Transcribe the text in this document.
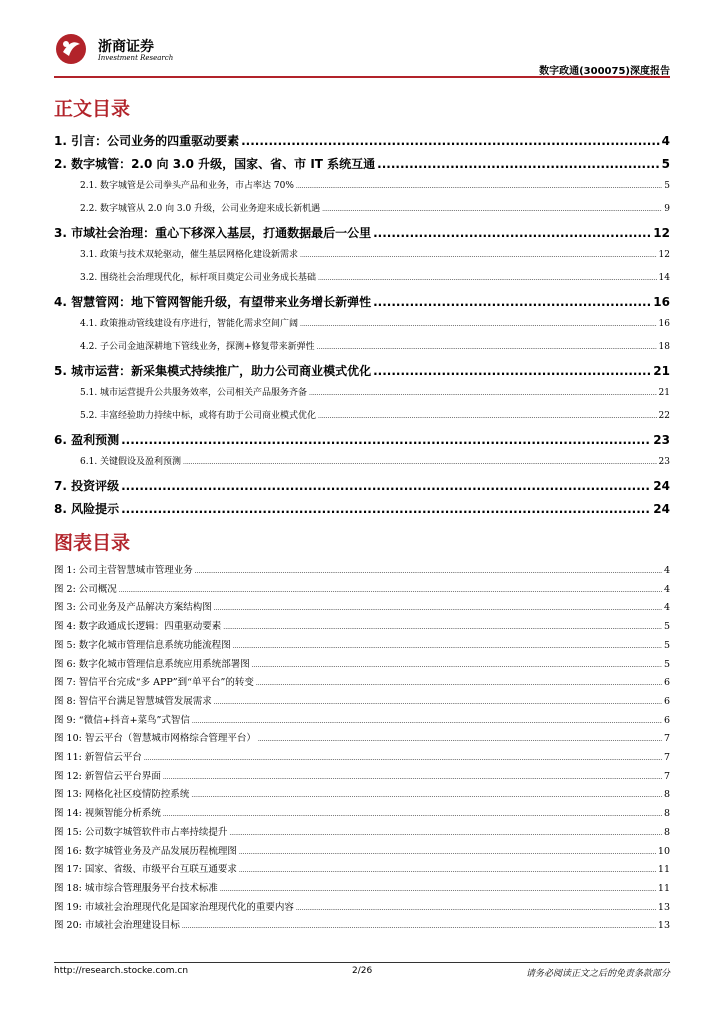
浙商证券
Investment Research
数字政通(300075)深度报告
正文目录
1. 引言：公司业务的四重驱动要素 .....	4
2. 数字城管：2.0 向 3.0 升级，国家、省、市 IT 系统互通 .....	5
2.1. 数字城管是公司拳头产品和业务，市占率达 70% .....	5
2.2. 数字城管从 2.0 向 3.0 升级，公司业务迎来成长新机遇 .....	9
3. 市域社会治理：重心下移深入基层，打通数据最后一公里 .....	12
3.1. 政策与技术双轮驱动，催生基层网格化建设新需求 .....	12
3.2. 围绕社会治理现代化，标杆项目奠定公司业务成长基础 .....	14
4. 智慧管网：地下管网智能升级，有望带来业务增长新弹性 .....	16
4.1. 政策推动管线建设有序进行，智能化需求空间广阔 .....	16
4.2. 子公司金迪深耕地下管线业务，探测+修复带来新弹性 .....	18
5. 城市运营：新采集模式持续推广，助力公司商业模式优化 .....	21
5.1. 城市运营提升公共服务效率，公司相关产品服务齐备 .....	21
5.2. 丰富经验助力持续中标，或将有助于公司商业模式优化 .....	22
6. 盈利预测 .....	23
6.1. 关键假设及盈利预测 .....	23
7. 投资评级 .....	24
8. 风险提示 .....	24
图表目录
图 1: 公司主营智慧城市管理业务 .....	4
图 2: 公司概况 .....	4
图 3: 公司业务及产品解决方案结构图 .....	4
图 4: 数字政通成长逻辑：四重驱动要素 .....	5
图 5: 数字化城市管理信息系统功能流程图 .....	5
图 6: 数字化城市管理信息系统应用系统部署图 .....	5
图 7: 智信平台完成“多 APP”到“单平台”的转变 .....	6
图 8: 智信平台满足智慧城管发展需求 .....	6
图 9: “微信+抖音+菜鸟”式智信 .....	6
图 10: 智云平台（智慧城市网格综合管理平台） .....	7
图 11: 新智信云平台 .....	7
图 12: 新智信云平台界面 .....	7
图 13: 网格化社区疫情防控系统 .....	8
图 14: 视频智能分析系统 .....	8
图 15: 公司数字城管软件市占率持续提升 .....	8
图 16: 数字城管业务及产品发展历程梳理图 .....	10
图 17: 国家、省级、市级平台互联互通要求 .....	11
图 18: 城市综合管理服务平台技术标准 .....	11
图 19: 市域社会治理现代化是国家治理现代化的重要内容 .....	13
图 20: 市域社会治理建设目标 .....	13
http://research.stocke.com.cn	2/26	请务必阅读正文之后的免责条款部分
